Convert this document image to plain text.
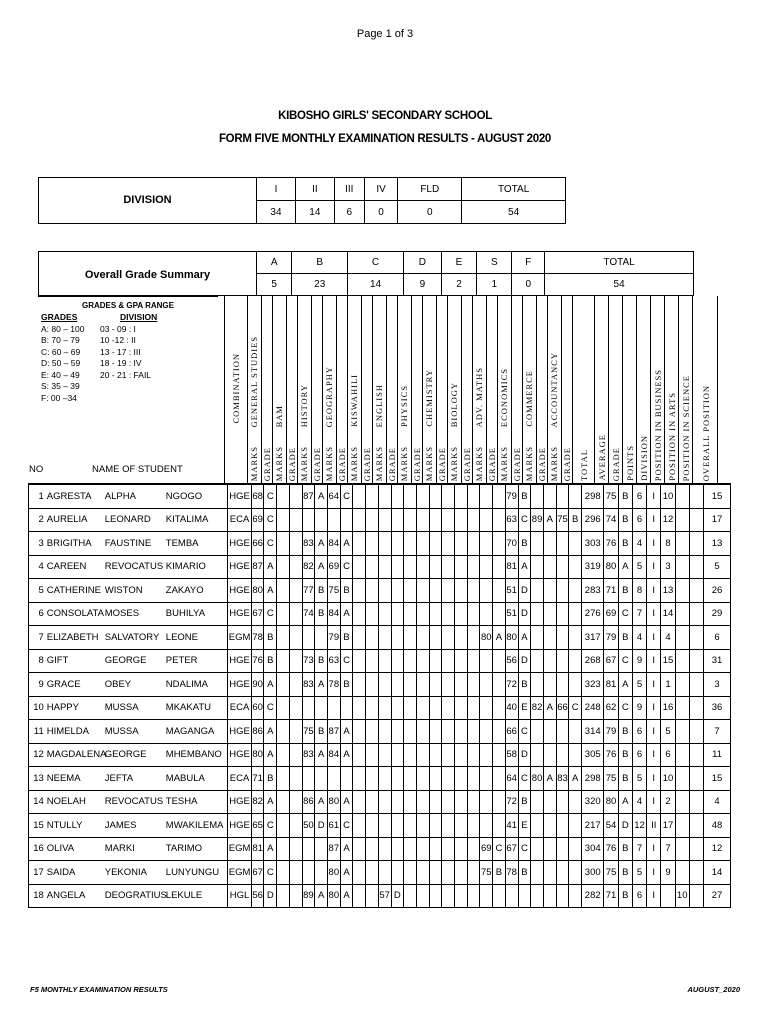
Page 1 of 3
KIBOSHO GIRLS' SECONDARY SCHOOL
FORM FIVE MONTHLY EXAMINATION RESULTS - AUGUST 2020
DIVISION
I	II	III	IV	FLD	TOTAL
34	14	6	0	0	54
Overall Grade Summary
A	B	C	D	E	S	F	TOTAL
5	23	14	9	2	1	0	54
GRADES & GPA RANGE
GRADES	DIVISION
A: 80 – 100 03 - 09 : I
B: 70 – 79 10 -12 : II
C: 60 – 69 13 - 17 : III
D: 50 – 59 18 - 19 : IV
E: 40 – 49 20 - 21 : FAIL
S: 35 – 39
F: 00 –34
NO	NAME OF STUDENT
COMBINATION
MARKS GRADE
GENERAL STUDIES
MARKS GRADE
BAM
MARKS GRADE
HISTORY
MARKS GRADE
GEOGRAPHY
MARKS GRADE
KISWAHILI
MARKS GRADE
ENGLISH
MARKS GRADE
PHYSICS
MARKS GRADE
CHEMISTRY
MARKS GRADE
BIOLOGY
MARKS GRADE
ADV. MATHS
MARKS GRADE
ECONOMICS
MARKS GRADE
COMMERCE
MARKS GRADE
ACCOUNTANCY
TOTAL AVERAGE GRADE POINTS DIVISION POSITION IN BUSINESS POSITION IN ARTS POSITION IN SCIENCE OVERALL POSITION
1	AGRESTA	ALPHA	NGOGO	HGE	68	C			87	A	64	C													79	B					298	75	B	6	I	10			15
2	AURELIA	LEONARD	KITALIMA	ECA	69	C																			63	C	89	A	75	B	296	74	B	6	I	12			17
3	BRIGITHA	FAUSTINE	TEMBA	HGE	66	C			83	A	84	A													70	B					303	76	B	4	I	8			13
4	CAREEN	REVOCATUS	KIMARIO	HGE	87	A			82	A	69	C													81	A					319	80	A	5	I	3			5
5	CATHERINE	WISTON	ZAKAYO	HGE	80	A			77	B	75	B													51	D					283	71	B	8	I	13			26
6	CONSOLATA	MOSES	BUHILYA	HGE	67	C			74	B	84	A													51	D					276	69	C	7	I	14			29
7	ELIZABETH	SALVATORY	LEONE	EGM	78	B					79	B											80	A	80	A					317	79	B	4	I	4			6
8	GIFT	GEORGE	PETER	HGE	76	B			73	B	63	C													56	D					268	67	C	9	I	15			31
9	GRACE	OBEY	NDALIMA	HGE	90	A			83	A	78	B													72	B					323	81	A	5	I	1			3
10	HAPPY	MUSSA	MKAKATU	ECA	60	C																			40	E	82	A	66	C	248	62	C	9	I	16			36
11	HIMELDA	MUSSA	MAGANGA	HGE	86	A			75	B	87	A													66	C					314	79	B	6	I	5			7
12	MAGDALENA	GEORGE	MHEMBANO	HGE	80	A			83	A	84	A													58	D					305	76	B	6	I	6			11
13	NEEMA	JEFTA	MABULA	ECA	71	B																			64	C	80	A	83	A	298	75	B	5	I	10			15
14	NOELAH	REVOCATUS	TESHA	HGE	82	A			86	A	80	A													72	B					320	80	A	4	I	2			4
15	NTULLY	JAMES	MWAKILEMA	HGE	65	C			50	D	61	C													41	E					217	54	D	12	II	17			48
16	OLIVA	MARKI	TARIMO	EGM	81	A					87	A											69	C	67	C					304	76	B	7	I	7			12
17	SAIDA	YEKONIA	LUNYUNGU	EGM	67	C					80	A											75	B	78	B					300	75	B	5	I	9			14
18	ANGELA	DEOGRATIUS	LEKULE	HGL	56	D			89	A	80	A			57	D															282	71	B	6	I		10		27
F5 MONTHLY EXAMINATION RESULTS	AUGUST_2020
